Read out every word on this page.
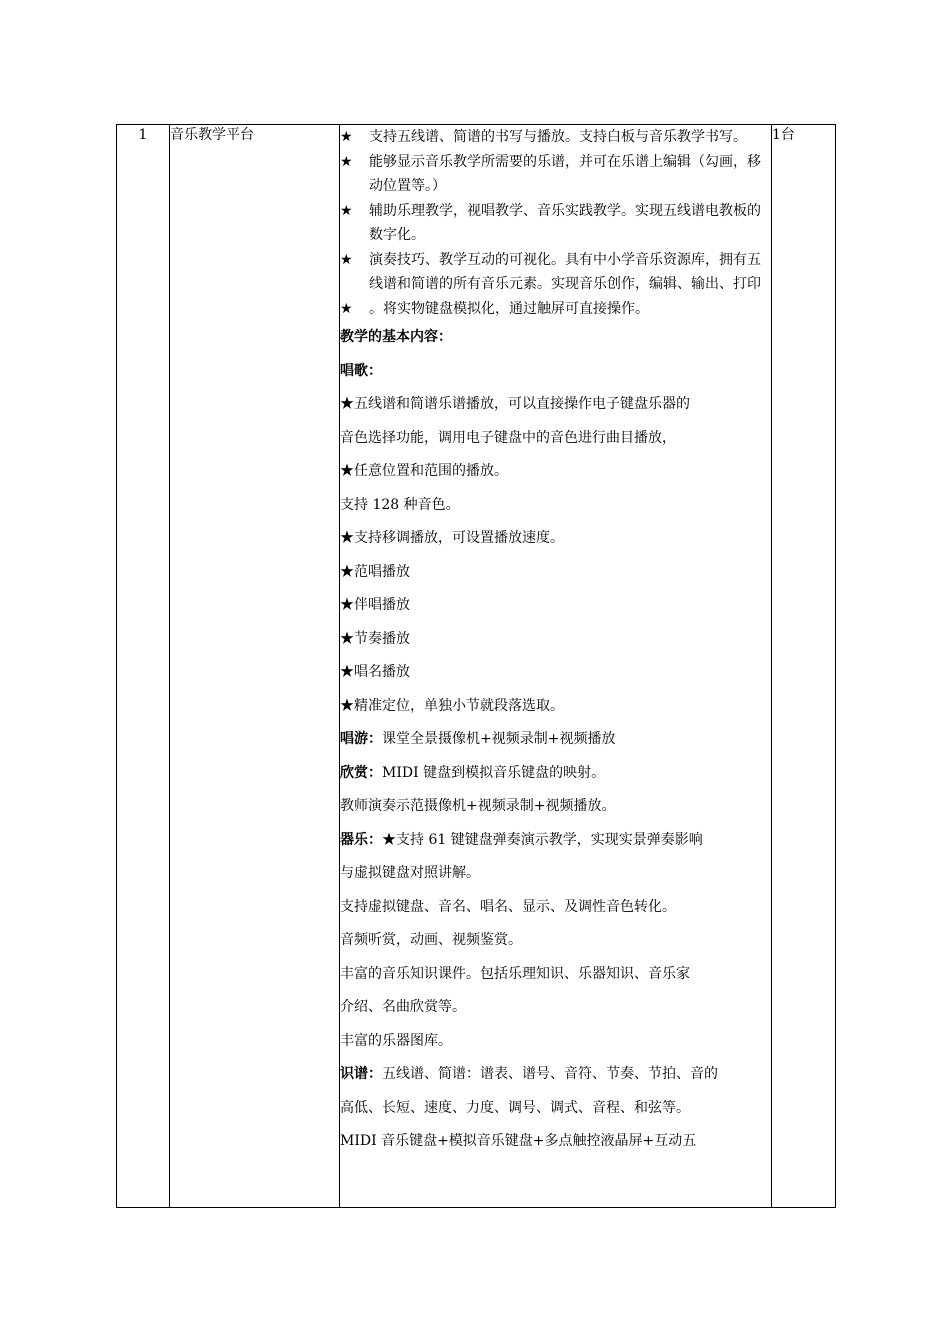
1	音乐教学平台	★	支持五线谱、简谱的书写与播放。支持白板与音乐教学书写。
★	能够显示音乐教学所需要的乐谱，并可在乐谱上编辑（勾画，移动位置等。）
★	辅助乐理教学，视唱教学、音乐实践教学。实现五线谱电教板的数字化。
★	演奏技巧、教学互动的可视化。具有中小学音乐资源库，拥有五线谱和简谱的所有音乐元素。实现音乐创作，编辑、输出、打印
★	。将实物键盘模拟化，通过触屏可直接操作。
教学的基本内容：
唱歌：
★五线谱和简谱乐谱播放，可以直接操作电子键盘乐器的
音色选择功能，调用电子键盘中的音色进行曲目播放，
★任意位置和范围的播放。
支持 128 种音色。
★支持移调播放，可设置播放速度。
★范唱播放
★伴唱播放
★节奏播放
★唱名播放
★精准定位，单独小节就段落选取。
唱游：课堂全景摄像机+视频录制+视频播放
欣赏：MIDI 键盘到模拟音乐键盘的映射。
教师演奏示范摄像机+视频录制+视频播放。
器乐：★支持 61 键键盘弹奏演示教学，实现实景弹奏影响
与虚拟键盘对照讲解。
支持虚拟键盘、音名、唱名、显示、及调性音色转化。
音频听赏，动画、视频鉴赏。
丰富的音乐知识课件。包括乐理知识、乐器知识、音乐家
介绍、名曲欣赏等。
丰富的乐器图库。
识谱：五线谱、简谱：谱表、谱号、音符、节奏、节拍、音的
高低、长短、速度、力度、调号、调式、音程、和弦等。
MIDI 音乐键盘+模拟音乐键盘+多点触控液晶屏+互动五
	1台
